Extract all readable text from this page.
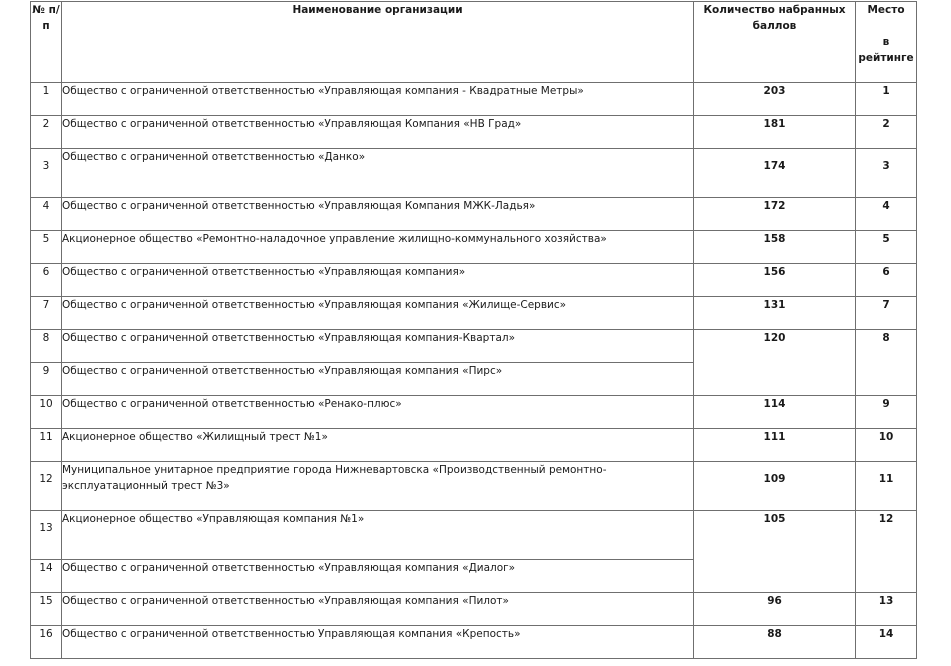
№ п/п	Наименование организации	Количество набранных баллов	Место

в рейтинге
1	Общество с ограниченной ответственностью «Управляющая компания - Квадратные Метры»	203	1
2	Общество с ограниченной ответственностью «Управляющая Компания «НВ Град»	181	2
3	Общество с ограниченной ответственностью «Данко»	174	3
4	Общество с ограниченной ответственностью «Управляющая Компания МЖК-Ладья»	172	4
5	Акционерное общество «Ремонтно-наладочное управление жилищно-коммунального хозяйства»	158	5
6	Общество с ограниченной ответственностью «Управляющая компания»	156	6
7	Общество с ограниченной ответственностью «Управляющая компания «Жилище-Сервис»	131	7
8	Общество с ограниченной ответственностью «Управляющая компания-Квартал»	120	8
9	Общество с ограниченной ответственностью «Управляющая компания «Пирс»		
10	Общество с ограниченной ответственностью «Ренако-плюс»	114	9
11	Акционерное общество «Жилищный трест №1»	111	10
12	Муниципальное унитарное предприятие города Нижневартовска «Производственный ремонтно-эксплуатационный трест №3»	109	11
13	Акционерное общество «Управляющая компания №1»	105	12
14	Общество с ограниченной ответственностью «Управляющая компания «Диалог»		
15	Общество с ограниченной ответственностью «Управляющая компания «Пилот»	96	13
16	Общество с ограниченной ответственностью Управляющая компания «Крепость»	88	14
